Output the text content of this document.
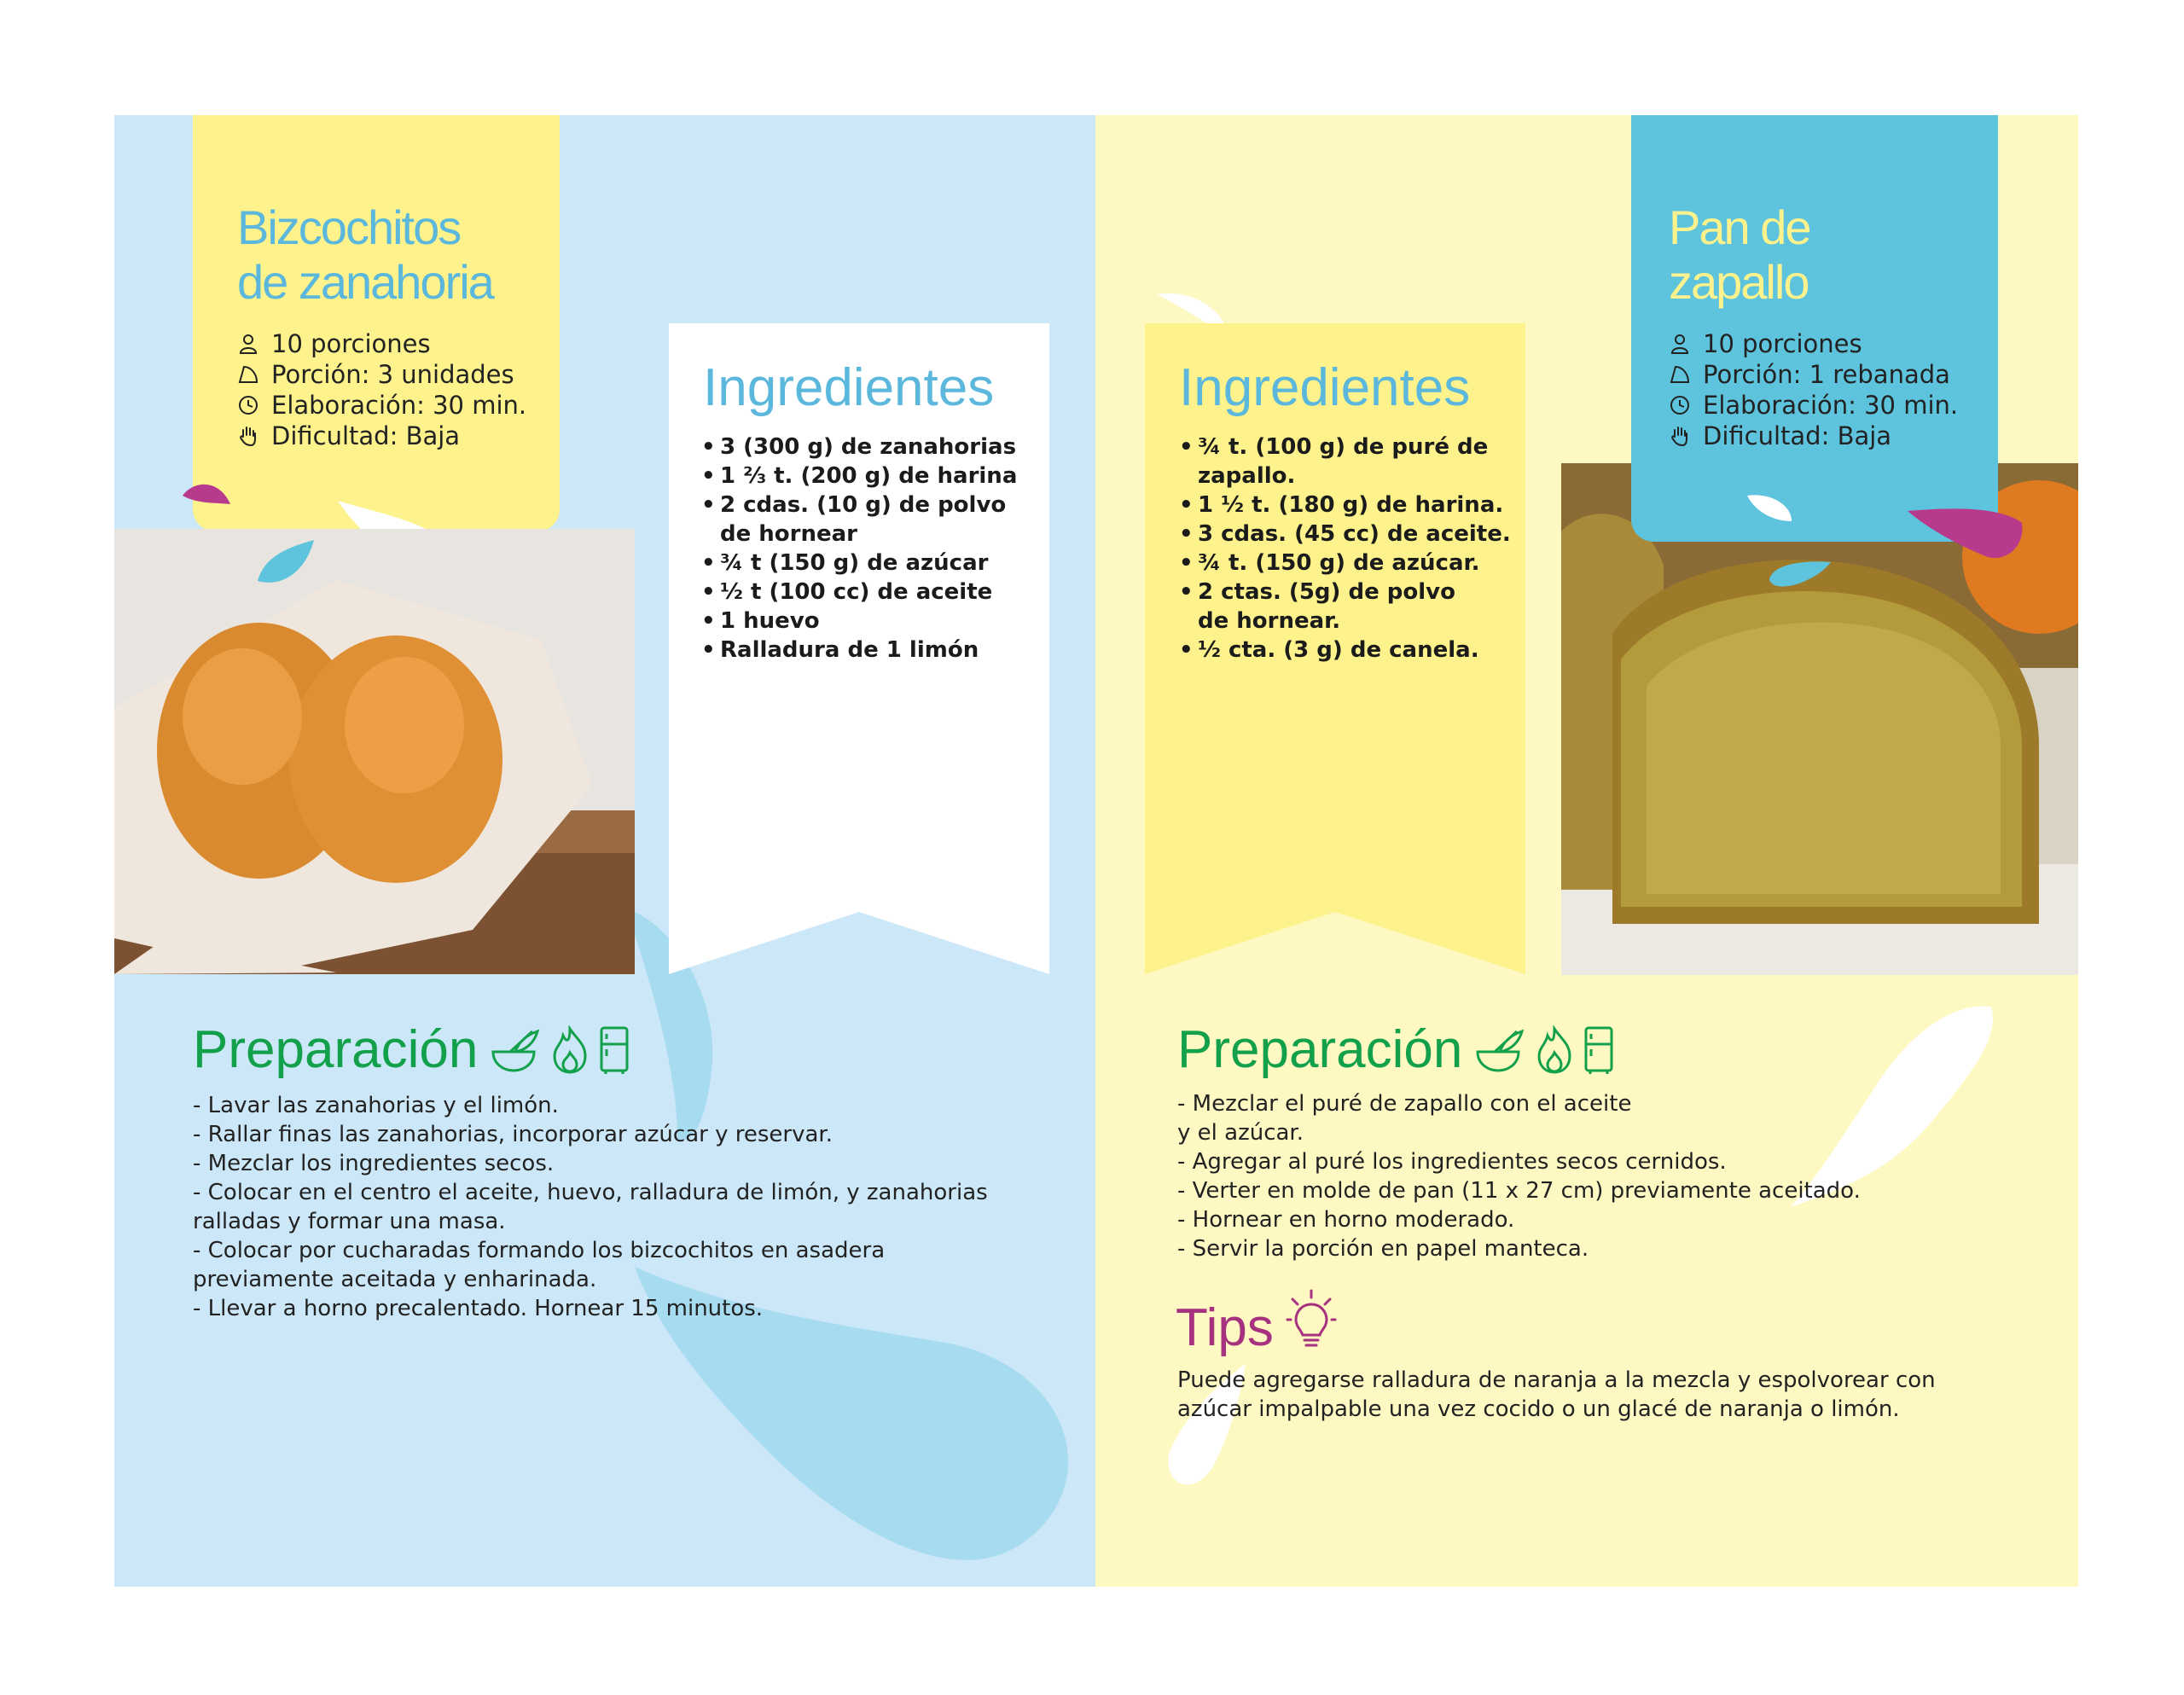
Bizcochitos
de zanahoria
10 porciones
Porción: 3 unidades
Elaboración: 30 min.
Dificultad: Baja
Ingredientes
• 3 (300 g) de zanahorias
• 1 ⅔ t. (200 g) de harina
• 2 cdas. (10 g) de polvo
de hornear
• ¾ t (150 g) de azúcar
• ½ t (100 cc) de aceite
• 1 huevo
• Ralladura de 1 limón
Preparación
- Lavar las zanahorias y el limón.
- Rallar finas las zanahorias, incorporar azúcar y reservar.
- Mezclar los ingredientes secos.
- Colocar en el centro el aceite, huevo, ralladura de limón, y zanahorias
ralladas y formar una masa.
- Colocar por cucharadas formando los bizcochitos en asadera
previamente aceitada y enharinada.
- Llevar a horno precalentado. Hornear 15 minutos.
Ingredientes
• ¾ t. (100 g) de puré de
zapallo.
• 1 ½ t. (180 g) de harina.
• 3 cdas. (45 cc) de aceite.
• ¾ t. (150 g) de azúcar.
• 2 ctas. (5g) de polvo
de hornear.
• ½ cta. (3 g) de canela.
Pan de
zapallo
10 porciones
Porción: 1 rebanada
Elaboración: 30 min.
Dificultad: Baja
Preparación
- Mezclar el puré de zapallo con el aceite
y el azúcar.
- Agregar al puré los ingredientes secos cernidos.
- Verter en molde de pan (11 x 27 cm) previamente aceitado.
- Hornear en horno moderado.
- Servir la porción en papel manteca.
Tips

Puede agregarse ralladura de naranja a la mezcla y espolvorear con
azúcar impalpable una vez cocido o un glacé de naranja o limón.
